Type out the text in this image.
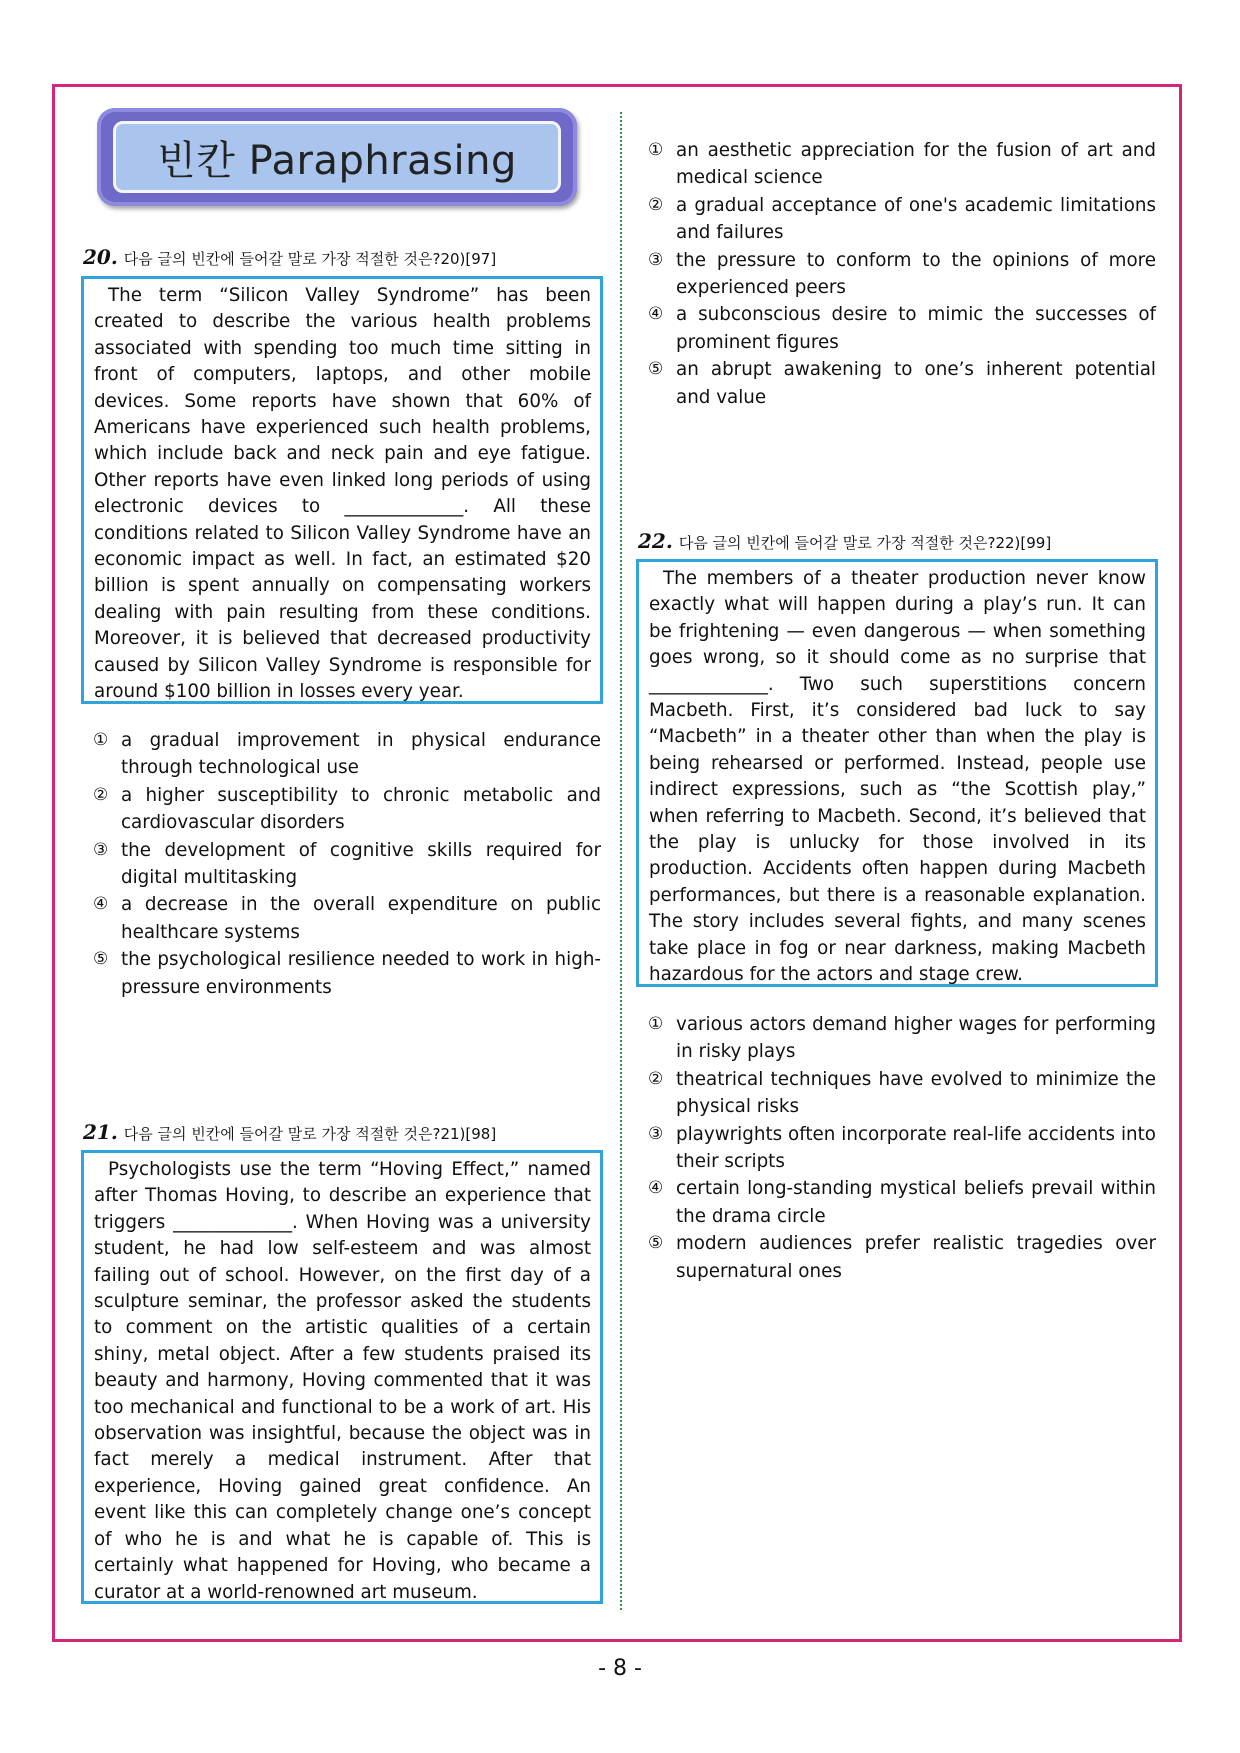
빈칸 Paraphrasing
20. 다음 글의 빈칸에 들어갈 말로 가장 적절한 것은?20)[97]

The term “Silicon Valley Syndrome” has been created to describe the various health problems associated with spending too much time sitting in front of computers, laptops, and other mobile devices. Some reports have shown that 60% of Americans have experienced such health problems, which include back and neck pain and eye fatigue. Other reports have even linked long periods of using electronic devices to _____________. All these conditions related to Silicon Valley Syndrome have an economic impact as well. In fact, an estimated $20 billion is spent annually on compensating workers dealing with pain resulting from these conditions. Moreover, it is believed that decreased productivity caused by Silicon Valley Syndrome is responsible for around $100 billion in losses every year.

① a gradual improvement in physical endurance through technological use
② a higher susceptibility to chronic metabolic and cardiovascular disorders
③ the development of cognitive skills required for digital multitasking
④ a decrease in the overall expenditure on public healthcare systems
⑤ the psychological resilience needed to work in high-pressure environments
21. 다음 글의 빈칸에 들어갈 말로 가장 적절한 것은?21)[98]

Psychologists use the term “Hoving Effect,” named after Thomas Hoving, to describe an experience that triggers _____________. When Hoving was a university student, he had low self-esteem and was almost failing out of school. However, on the first day of a sculpture seminar, the professor asked the students to comment on the artistic qualities of a certain shiny, metal object. After a few students praised its beauty and harmony, Hoving commented that it was too mechanical and functional to be a work of art. His observation was insightful, because the object was in fact merely a medical instrument. After that experience, Hoving gained great confidence. An event like this can completely change one’s concept of who he is and what he is capable of. This is certainly what happened for Hoving, who became a curator at a world-renowned art museum.

① an aesthetic appreciation for the fusion of art and medical science
② a gradual acceptance of one's academic limitations and failures
③ the pressure to conform to the opinions of more experienced peers
④ a subconscious desire to mimic the successes of prominent figures
⑤ an abrupt awakening to one’s inherent potential and value
22. 다음 글의 빈칸에 들어갈 말로 가장 적절한 것은?22)[99]

The members of a theater production never know exactly what will happen during a play’s run. It can be frightening — even dangerous — when something goes wrong, so it should come as no surprise that _____________. Two such superstitions concern Macbeth. First, it’s considered bad luck to say “Macbeth” in a theater other than when the play is being rehearsed or performed. Instead, people use indirect expressions, such as “the Scottish play,” when referring to Macbeth. Second, it’s believed that the play is unlucky for those involved in its production. Accidents often happen during Macbeth performances, but there is a reasonable explanation. The story includes several fights, and many scenes take place in fog or near darkness, making Macbeth hazardous for the actors and stage crew.

① various actors demand higher wages for performing in risky plays
② theatrical techniques have evolved to minimize the physical risks
③ playwrights often incorporate real-life accidents into their scripts
④ certain long-standing mystical beliefs prevail within the drama circle
⑤ modern audiences prefer realistic tragedies over supernatural ones
- 8 -
